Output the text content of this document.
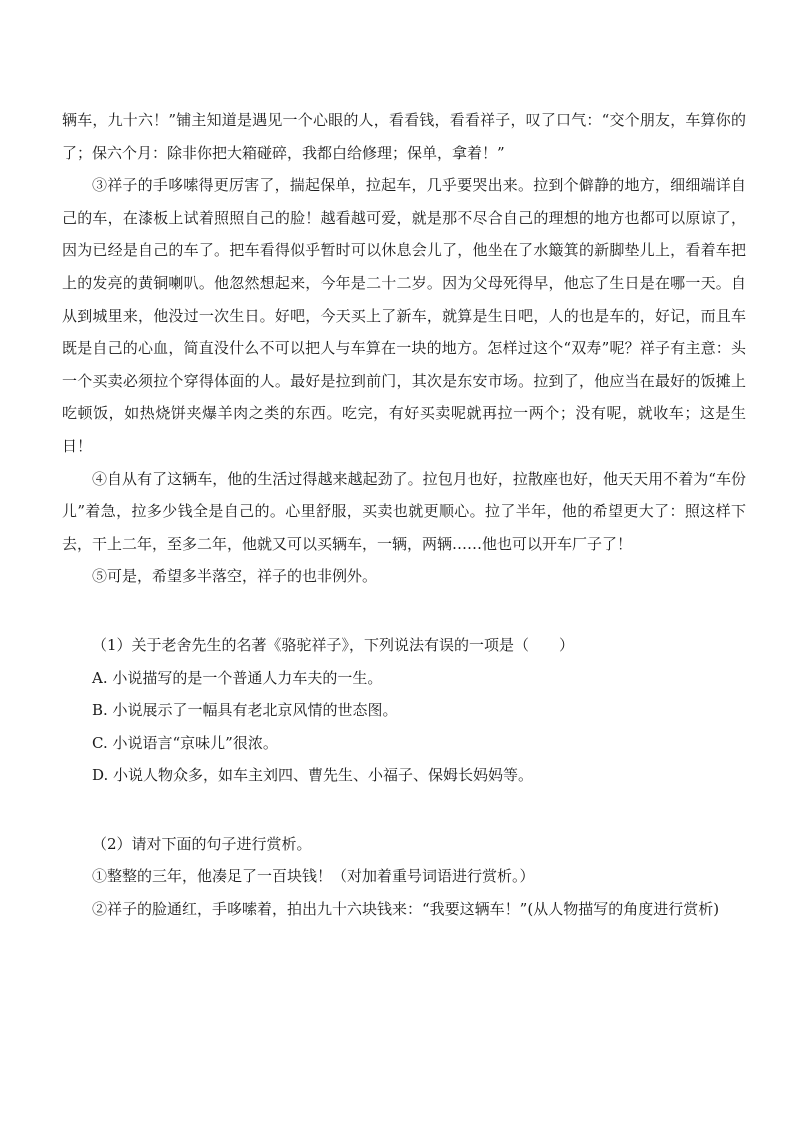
辆车，九十六！”铺主知道是遇见一个心眼的人，看看钱，看看祥子，叹了口气：“交个朋友，车算你的了；保六个月：除非你把大箱碰碎，我都白给修理；保单，拿着！”

③祥子的手哆嗦得更厉害了，揣起保单，拉起车，几乎要哭出来。拉到个僻静的地方，细细端详自己的车，在漆板上试着照照自己的脸！越看越可爱，就是那不尽合自己的理想的地方也都可以原谅了，因为已经是自己的车了。把车看得似乎暂时可以休息会儿了，他坐在了水簸箕的新脚垫儿上，看着车把上的发亮的黄铜喇叭。他忽然想起来，今年是二十二岁。因为父母死得早，他忘了生日是在哪一天。自从到城里来，他没过一次生日。好吧，今天买上了新车，就算是生日吧，人的也是车的，好记，而且车既是自己的心血，简直没什么不可以把人与车算在一块的地方。怎样过这个“双寿”呢？祥子有主意：头一个买卖必须拉个穿得体面的人。最好是拉到前门，其次是东安市场。拉到了，他应当在最好的饭摊上吃顿饭，如热烧饼夹爆羊肉之类的东西。吃完，有好买卖呢就再拉一两个；没有呢，就收车；这是生日！

④自从有了这辆车，他的生活过得越来越起劲了。拉包月也好，拉散座也好，他天天用不着为“车份儿”着急，拉多少钱全是自己的。心里舒服，买卖也就更顺心。拉了半年，他的希望更大了：照这样下去，干上二年，至多二年，他就又可以买辆车，一辆，两辆……他也可以开车厂子了！

⑤可是，希望多半落空，祥子的也非例外。

（1）关于老舍先生的名著《骆驼祥子》，下列说法有误的一项是（　　）

A. 小说描写的是一个普通人力车夫的一生。

B. 小说展示了一幅具有老北京风情的世态图。

C. 小说语言“京味儿”很浓。

D. 小说人物众多，如车主刘四、曹先生、小福子、保姆长妈妈等。

（2）请对下面的句子进行赏析。

①整整的三年，他凑足了一百块钱！（对加着重号词语进行赏析。）

②祥子的脸通红，手哆嗦着，拍出九十六块钱来：“我要这辆车！”(从人物描写的角度进行赏析)
